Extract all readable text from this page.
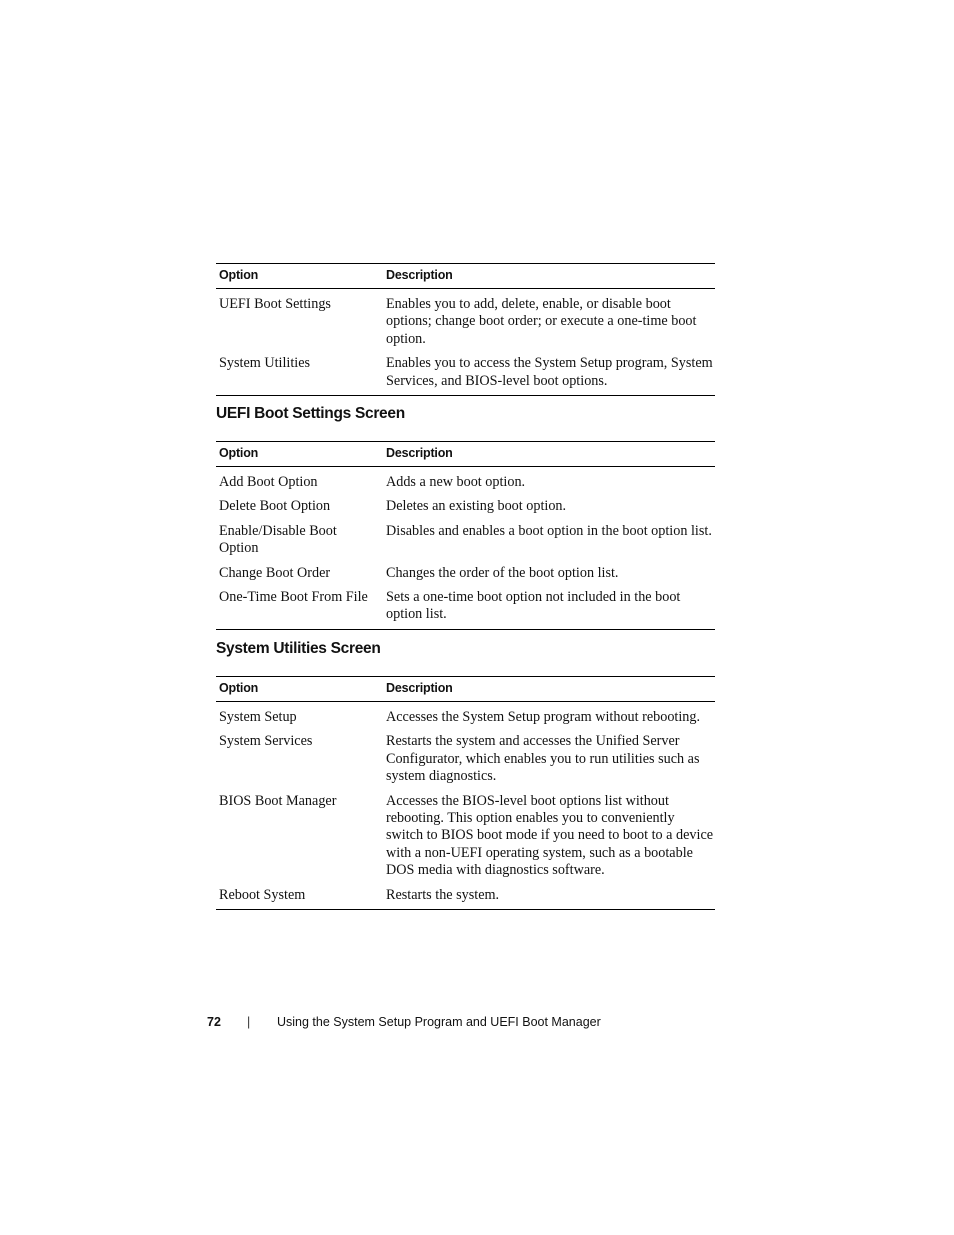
Option	Description
UEFI Boot Settings	Enables you to add, delete, enable, or disable boot options; change boot order; or execute a one-time boot option.
System Utilities	Enables you to access the System Setup program, System Services, and BIOS-level boot options.
UEFI Boot Settings Screen
Option	Description
Add Boot Option	Adds a new boot option.
Delete Boot Option	Deletes an existing boot option.
Enable/Disable Boot Option	Disables and enables a boot option in the boot option list.
Change Boot Order	Changes the order of the boot option list.
One-Time Boot From File	Sets a one-time boot option not included in the boot option list.
System Utilities Screen
Option	Description
System Setup	Accesses the System Setup program without rebooting.
System Services	Restarts the system and accesses the Unified Server Configurator, which enables you to run utilities such as system diagnostics.
BIOS Boot Manager	Accesses the BIOS-level boot options list without rebooting. This option enables you to conveniently switch to BIOS boot mode if you need to boot to a device with a non-UEFI operating system, such as a bootable DOS media with diagnostics software.
Reboot System	Restarts the system.
72	|	Using the System Setup Program and UEFI Boot Manager
